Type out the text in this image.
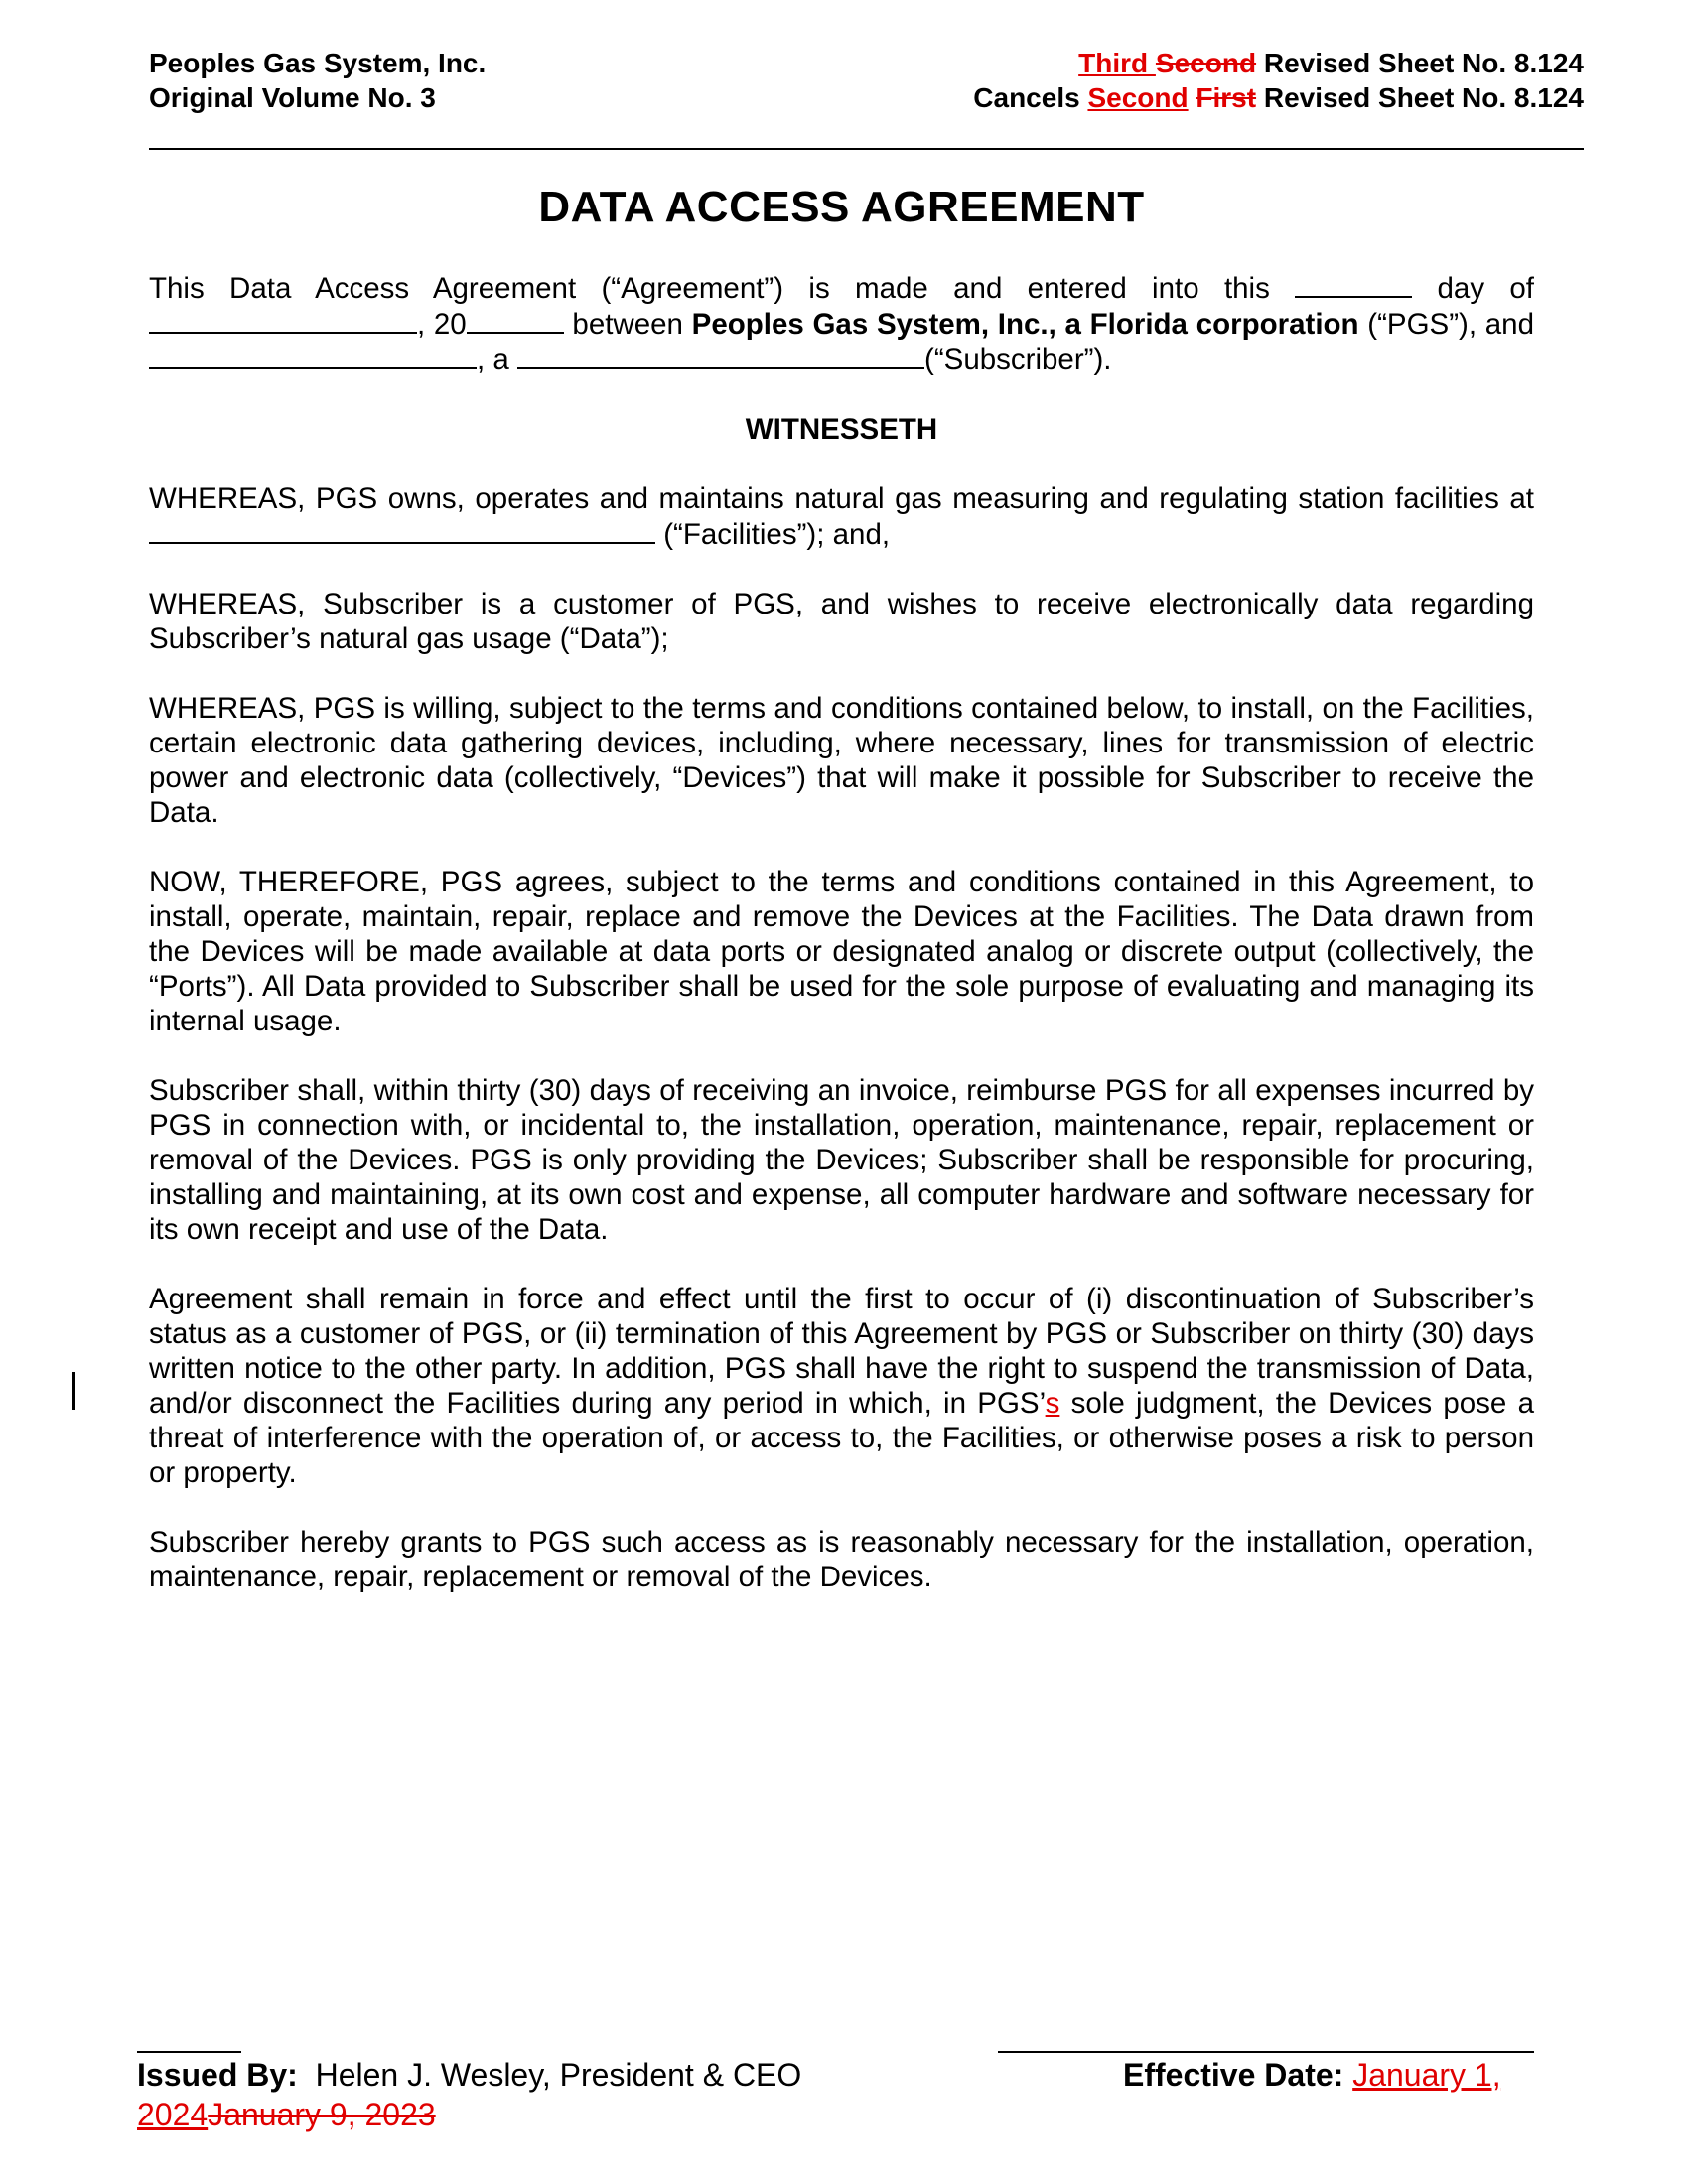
Peoples Gas System, Inc.
Original Volume No. 3
Third Second Revised Sheet No. 8.124
Cancels Second First Revised Sheet No. 8.124
DATA ACCESS AGREEMENT

This Data Access Agreement (“Agreement”) is made and entered into this	day of , 20	between Peoples Gas System, Inc., a Florida corporation (“PGS”), and , a	(“Subscriber”).

WITNESSETH

WHEREAS, PGS owns, operates and maintains natural gas measuring and regulating station facilities at  (“Facilities”); and,

WHEREAS, Subscriber is a customer of PGS, and wishes to receive electronically data regarding Subscriber’s natural gas usage (“Data”);

WHEREAS, PGS is willing, subject to the terms and conditions contained below, to install, on the Facilities, certain electronic data gathering devices, including, where necessary, lines for transmission of electric power and electronic data (collectively, “Devices”) that will make it possible for Subscriber to receive the Data.

NOW, THEREFORE, PGS agrees, subject to the terms and conditions contained in this Agreement, to install, operate, maintain, repair, replace and remove the Devices at the Facilities. The Data drawn from the Devices will be made available at data ports or designated analog or discrete output (collectively, the “Ports”). All Data provided to Subscriber shall be used for the sole purpose of evaluating and managing its internal usage.

Subscriber shall, within thirty (30) days of receiving an invoice, reimburse PGS for all expenses incurred by PGS in connection with, or incidental to, the installation, operation, maintenance, repair, replacement or removal of the Devices. PGS is only providing the Devices; Subscriber shall be responsible for procuring, installing and maintaining, at its own cost and expense, all computer hardware and software necessary for its own receipt and use of the Data.

Agreement shall remain in force and effect until the first to occur of (i) discontinuation of Subscriber’s status as a customer of PGS, or (ii) termination of this Agreement by PGS or Subscriber on thirty (30) days written notice to the other party. In addition, PGS shall have the right to suspend the transmission of Data, and/or disconnect the Facilities during any period in which, in PGS’s sole judgment, the Devices pose a threat of interference with the operation of, or access to, the Facilities, or otherwise poses a risk to person or property.

Subscriber hereby grants to PGS such access as is reasonably necessary for the installation, operation, maintenance, repair, replacement or removal of the Devices.

Issued By: Helen J. Wesley, President & CEO
2024January 9, 2023
Effective Date: January 1,
